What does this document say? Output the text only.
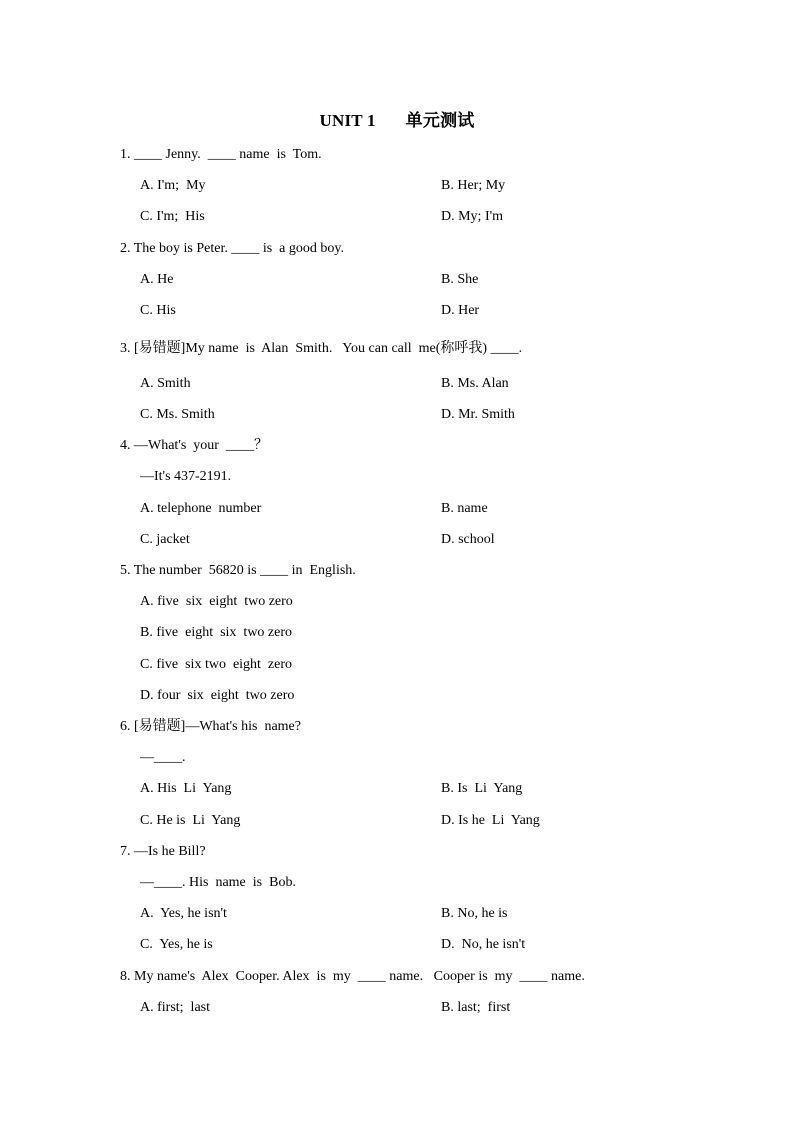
UNIT 1 单元测试
1. ____ Jenny.  ____ name  is  Tom.
A. I'm;  My	B. Her; My
C. I'm;  His	D. My; I'm
2. The boy is Peter. ____ is  a good boy.
A. He	B. She
C. His	D. Her
3. [易错题]My name  is  Alan  Smith.   You can call  me(称呼我) ____.
A. Smith	B. Ms. Alan
C. Ms. Smith	D. Mr. Smith
4. —What's  your  ____？
—It's 437-2191.
A. telephone  number	B. name
C. jacket	D. school
5. The number  56820 is ____ in  English.
A. five  six  eight  two zero
B. five  eight  six  two zero
C. five  six two  eight  zero
D. four  six  eight  two zero
6. [易错题]—What's his  name?
—____.
A. His  Li  Yang	B. Is  Li  Yang
C. He is  Li  Yang	D. Is he  Li  Yang
7. —Is he Bill?
—____. His  name  is  Bob.
A.  Yes, he isn't	B. No, he is
C.  Yes, he is	D.  No, he isn't
8. My name's  Alex  Cooper. Alex  is  my  ____ name.   Cooper is  my  ____ name.
A. first;  last	B. last;  first
